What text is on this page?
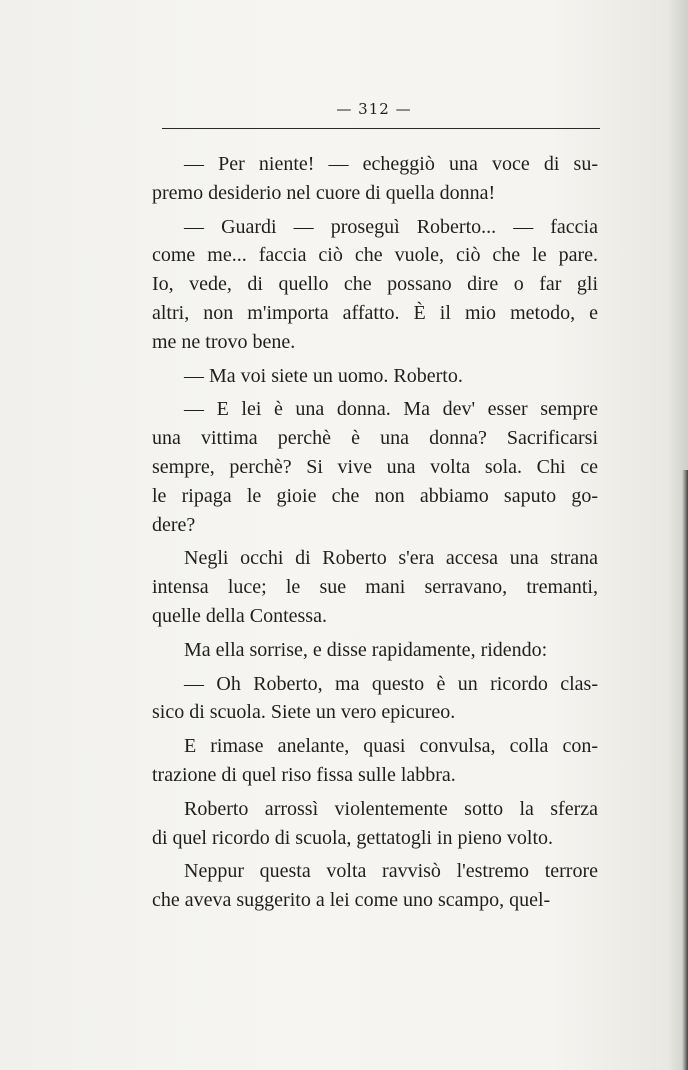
— 312 —
— Per niente! — echeggiò una voce di su-
premo desiderio nel cuore di quella donna!
— Guardi — proseguì Roberto... — faccia
come me... faccia ciò che vuole, ciò che le pare.
Io, vede, di quello che possano dire o far gli
altri, non m'importa affatto. È il mio metodo, e
me ne trovo bene.
— Ma voi siete un uomo. Roberto.
— E lei è una donna. Ma dev' esser sempre
una vittima perchè è una donna? Sacrificarsi
sempre, perchè? Si vive una volta sola. Chi ce
le ripaga le gioie che non abbiamo saputo go-
dere?
Negli occhi di Roberto s'era accesa una strana
intensa luce; le sue mani serravano, tremanti,
quelle della Contessa.
Ma ella sorrise, e disse rapidamente, ridendo:
— Oh Roberto, ma questo è un ricordo clas-
sico di scuola. Siete un vero epicureo.
E rimase anelante, quasi convulsa, colla con-
trazione di quel riso fissa sulle labbra.
Roberto arrossì violentemente sotto la sferza
di quel ricordo di scuola, gettatogli in pieno volto.
Neppur questa volta ravvisò l'estremo terrore
che aveva suggerito a lei come uno scampo, quel-
